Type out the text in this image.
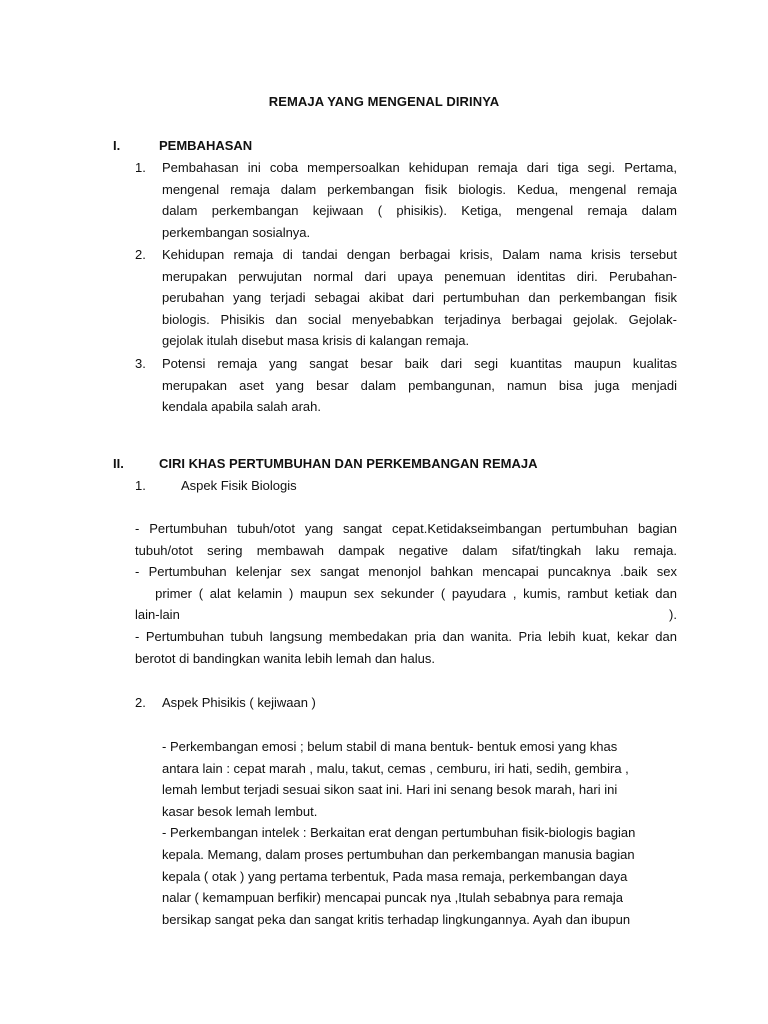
REMAJA YANG MENGENAL DIRINYA
I.	PEMBAHASAN
1. Pembahasan ini coba mempersoalkan kehidupan remaja dari tiga segi. Pertama,
mengenal remaja dalam perkembangan fisik biologis. Kedua, mengenal remaja
dalam perkembangan kejiwaan ( phisikis). Ketiga, mengenal remaja dalam
perkembangan sosialnya.
2. Kehidupan remaja di tandai dengan berbagai krisis, Dalam nama krisis tersebut
merupakan perwujutan normal dari upaya penemuan identitas diri. Perubahan-
perubahan yang terjadi sebagai akibat dari pertumbuhan dan perkembangan fisik
biologis. Phisikis dan social menyebabkan terjadinya berbagai gejolak. Gejolak-
gejolak itulah disebut masa krisis di kalangan remaja.
3. Potensi remaja yang sangat besar baik dari segi kuantitas maupun kualitas
merupakan aset yang besar dalam pembangunan, namun bisa juga menjadi
kendala apabila salah arah.
II.	CIRI KHAS PERTUMBUHAN DAN PERKEMBANGAN REMAJA
1.	Aspek Fisik Biologis
- Pertumbuhan tubuh/otot yang sangat cepat.Ketidakseimbangan pertumbuhan bagian
tubuh/otot sering membawah dampak negative dalam sifat/tingkah laku remaja.
- Pertumbuhan kelenjar sex sangat menonjol bahkan mencapai puncaknya .baik sex
primer ( alat kelamin ) maupun sex sekunder ( payudara , kumis, rambut ketiak dan
lain-lain	).
- Pertumbuhan tubuh langsung membedakan pria dan wanita. Pria lebih kuat, kekar dan
berotot di bandingkan wanita lebih lemah dan halus.
2. Aspek Phisikis ( kejiwaan )
- Perkembangan emosi ; belum stabil di mana bentuk- bentuk emosi yang khas
antara lain : cepat marah , malu, takut, cemas , cemburu, iri hati, sedih, gembira ,
lemah lembut terjadi sesuai sikon saat ini. Hari ini senang besok marah, hari ini
kasar besok lemah lembut.
- Perkembangan intelek : Berkaitan erat dengan pertumbuhan fisik-biologis bagian
kepala. Memang, dalam proses pertumbuhan dan perkembangan manusia bagian
kepala ( otak ) yang pertama terbentuk, Pada masa remaja, perkembangan daya
nalar ( kemampuan berfikir) mencapai puncak nya ,Itulah sebabnya para remaja
bersikap sangat peka dan sangat kritis terhadap lingkungannya. Ayah dan ibupun
